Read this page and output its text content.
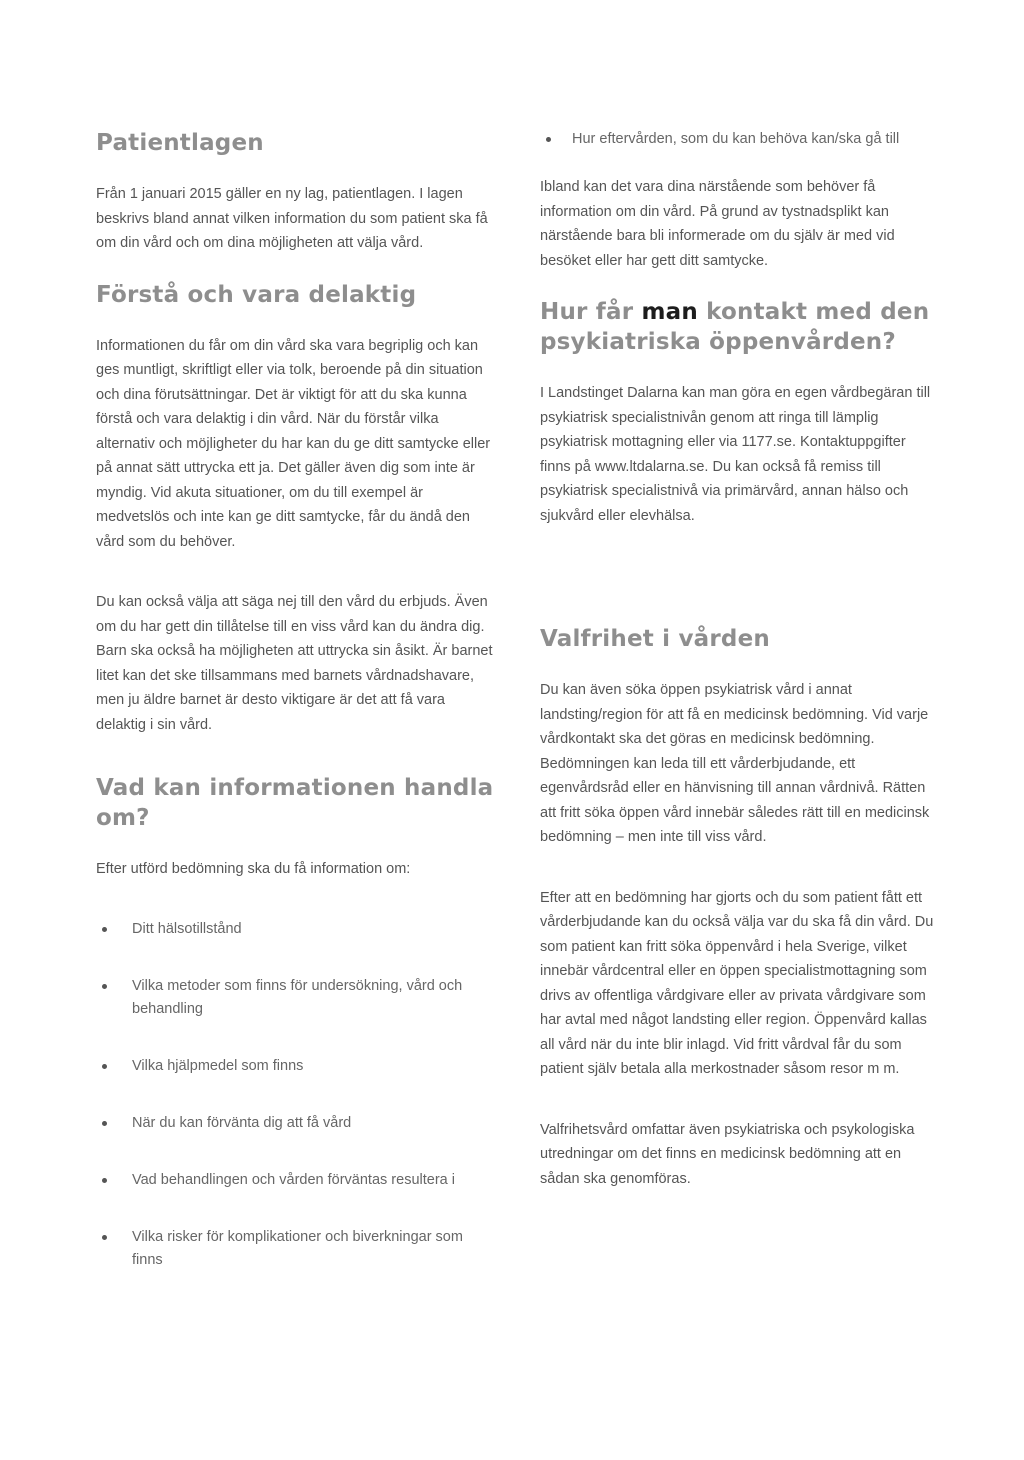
Patientlagen

Från 1 januari 2015 gäller en ny lag, patientlagen. I lagen beskrivs bland annat vilken information du som patient ska få om din vård och om dina möjligheten att välja vård.

Förstå och vara delaktig

Informationen du får om din vård ska vara begriplig och kan ges muntligt, skriftligt eller via tolk, beroende på din situation och dina förutsättningar. Det är viktigt för att du ska kunna förstå och vara delaktig i din vård. När du förstår vilka alternativ och möjligheter du har kan du ge ditt samtycke eller på annat sätt uttrycka ett ja. Det gäller även dig som inte är myndig. Vid akuta situationer, om du till exempel är medvetslös och inte kan ge ditt samtycke, får du ändå den vård som du behöver.

Du kan också välja att säga nej till den vård du erbjuds. Även om du har gett din tillåtelse till en viss vård kan du ändra dig. Barn ska också ha möjligheten att uttrycka sin åsikt. Är barnet litet kan det ske tillsammans med barnets vårdnadshavare, men ju äldre barnet är desto viktigare är det att få vara delaktig i sin vård.

Vad kan informationen handla om?

Efter utförd bedömning ska du få information om:

Ditt hälsotillstånd
Vilka metoder som finns för undersökning, vård och behandling
Vilka hjälpmedel som finns
När du kan förvänta dig att få vård
Vad behandlingen och vården förväntas resultera i
Vilka risker för komplikationer och biverkningar som finns
Hur eftervården, som du kan behöva kan/ska gå till

Ibland kan det vara dina närstående som behöver få information om din vård. På grund av tystnadsplikt kan närstående bara bli informerade om du själv är med vid besöket eller har gett ditt samtycke.

Hur får man kontakt med den psykiatriska öppenvården?

I Landstinget Dalarna kan man göra en egen vårdbegäran till psykiatrisk specialistnivån genom att ringa till lämplig psykiatrisk mottagning eller via 1177.se. Kontaktuppgifter finns på www.ltdalarna.se. Du kan också få remiss till psykiatrisk specialistnivå via primärvård, annan hälso och sjukvård eller elevhälsa.

Valfrihet i vården

Du kan även söka öppen psykiatrisk vård i annat landsting/region för att få en medicinsk bedömning. Vid varje vårdkontakt ska det göras en medicinsk bedömning. Bedömningen kan leda till ett vårderbjudande, ett egenvårdsråd eller en hänvisning till annan vårdnivå. Rätten att fritt söka öppen vård innebär således rätt till en medicinsk bedömning – men inte till viss vård.

Efter att en bedömning har gjorts och du som patient fått ett vårderbjudande kan du också välja var du ska få din vård. Du som patient kan fritt söka öppenvård i hela Sverige, vilket innebär vårdcentral eller en öppen specialistmottagning som drivs av offentliga vårdgivare eller av privata vårdgivare som har avtal med något landsting eller region. Öppenvård kallas all vård när du inte blir inlagd. Vid fritt vårdval får du som patient själv betala alla merkostnader såsom resor m m.

Valfrihetsvård omfattar även psykiatriska och psykologiska utredningar om det finns en medicinsk bedömning att en sådan ska genomföras.
